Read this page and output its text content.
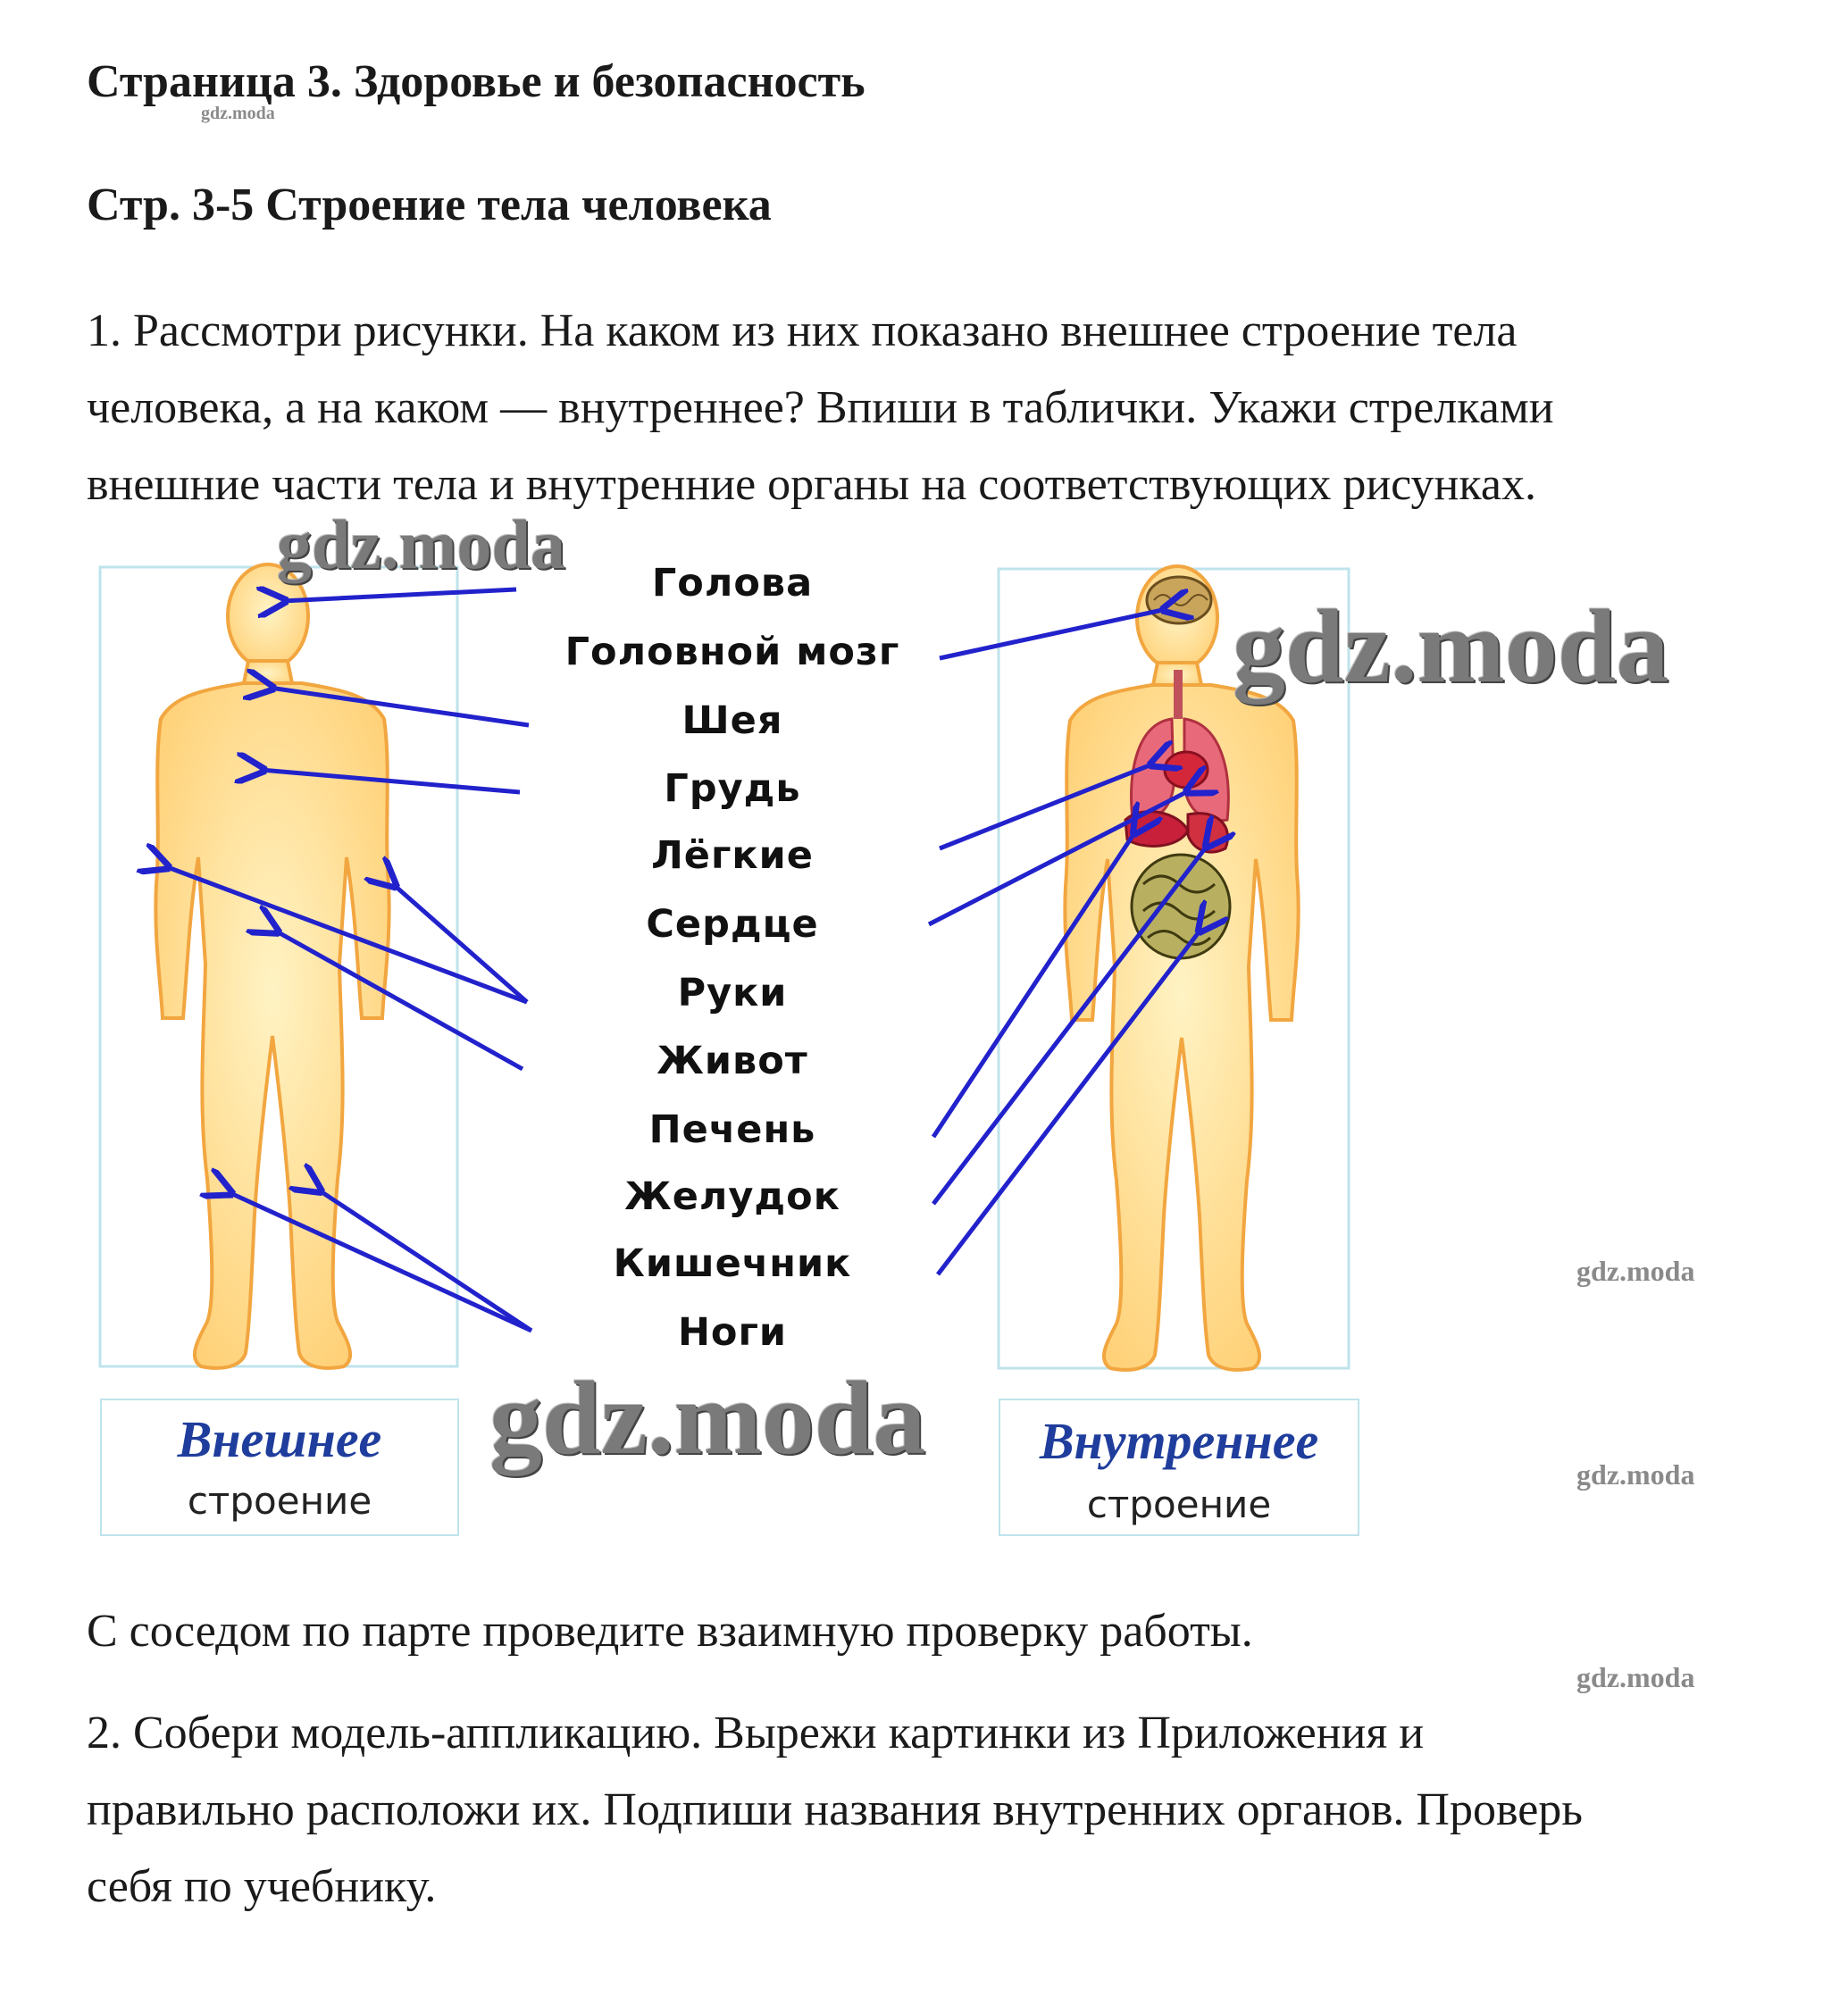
Страница 3. Здоровье и безопасность
gdz.moda
Стр. 3-5 Строение тела человека
1. Рассмотри рисунки. На каком из них показано внешнее строение тела
человека, а на каком — внутреннее? Впиши в таблички. Укажи стрелками
внешние части тела и внутренние органы на соответствующих рисунках.
Голова
Головной мозг
Шея
Грудь
Лёгкие
Сердце
Руки
Живот
Печень
Желудок
Кишечник
Ноги
Внешнее
строение
Внутреннее
строение
gdz.moda
gdz.moda
gdz.moda
gdz.moda
gdz.moda
gdz.moda
С соседом по парте проведите взаимную проверку работы.
2. Собери модель-аппликацию. Вырежи картинки из Приложения и
правильно расположи их. Подпиши названия внутренних органов. Проверь
себя по учебнику.
